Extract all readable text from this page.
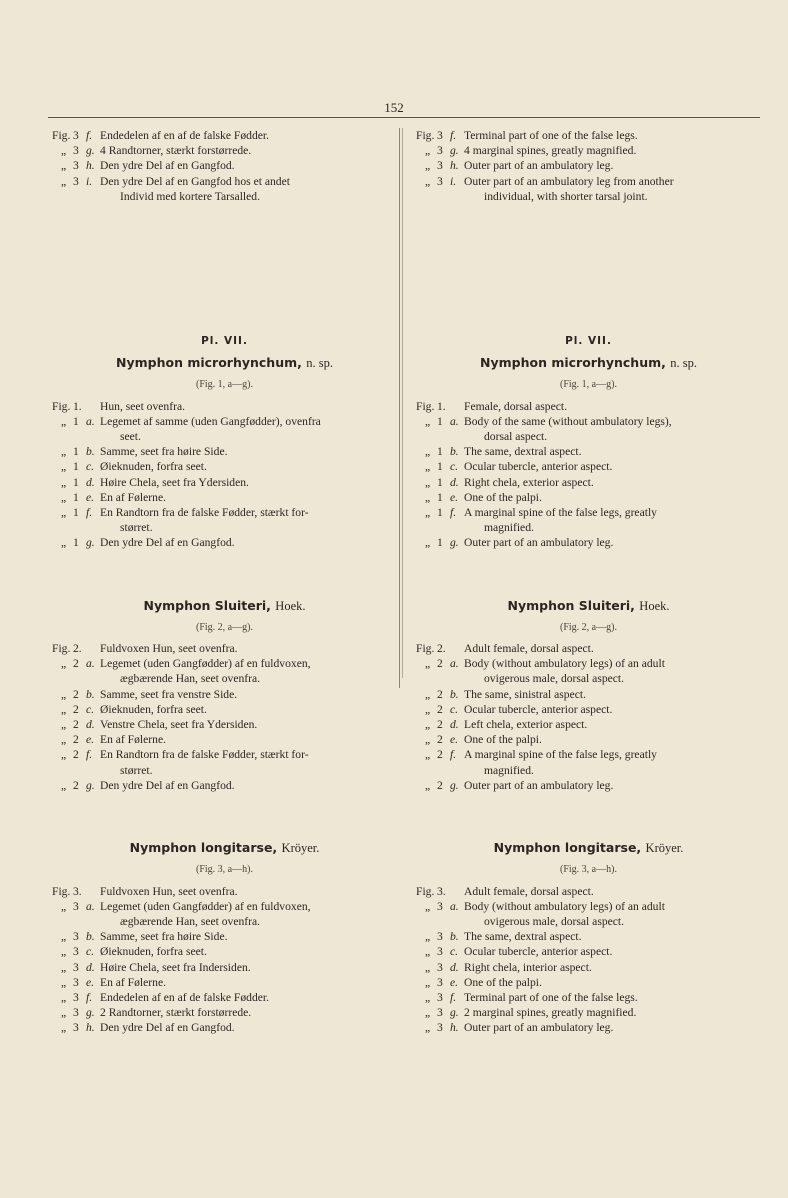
152
Fig. 3 f. Endedelen af en af de falske Fødder.
„ 3 g. 4 Randtorner, stærkt forstørrede.
„ 3 h. Den ydre Del af en Gangfod.
„ 3 i. Den ydre Del af en Gangfod hos et andet
Individ med kortere Tarsalled.
Pl. VII.
Nymphon microrhynchum, n. sp.
(Fig. 1, a—g).
Fig. 1.	Hun, seet ovenfra.
„ 1 a. Legemet af samme (uden Gangfødder), ovenfra
seet.
„ 1 b. Samme, seet fra høire Side.
„ 1 c. Øieknuden, forfra seet.
„ 1 d. Høire Chela, seet fra Ydersiden.
„ 1 e. En af Følerne.
„ 1 f. En Randtorn fra de falske Fødder, stærkt for-
størret.
„ 1 g. Den ydre Del af en Gangfod.
Nymphon Sluiteri, Hoek.
(Fig. 2, a—g).
Fig. 2.	Fuldvoxen Hun, seet ovenfra.
„ 2 a. Legemet (uden Gangfødder) af en fuldvoxen,
ægbærende Han, seet ovenfra.
„ 2 b. Samme, seet fra venstre Side.
„ 2 c. Øieknuden, forfra seet.
„ 2 d. Venstre Chela, seet fra Ydersiden.
„ 2 e. En af Følerne.
„ 2 f. En Randtorn fra de falske Fødder, stærkt for-
størret.
„ 2 g. Den ydre Del af en Gangfod.
Nymphon longitarse, Kröyer.
(Fig. 3, a—h).
Fig. 3.	Fuldvoxen Hun, seet ovenfra.
„ 3 a. Legemet (uden Gangfødder) af en fuldvoxen,
ægbærende Han, seet ovenfra.
„ 3 b. Samme, seet fra høire Side.
„ 3 c. Øieknuden, forfra seet.
„ 3 d. Høire Chela, seet fra Indersiden.
„ 3 e. En af Følerne.
„ 3 f. Endedelen af en af de falske Fødder.
„ 3 g. 2 Randtorner, stærkt forstørrede.
„ 3 h. Den ydre Del af en Gangfod.
Fig. 3 f. Terminal part of one of the false legs.
„ 3 g. 4 marginal spines, greatly magnified.
„ 3 h. Outer part of an ambulatory leg.
„ 3 i. Outer part of an ambulatory leg from another
individual, with shorter tarsal joint.
Pl. VII.
Nymphon microrhynchum, n. sp.
(Fig. 1, a—g).
Fig. 1.	Female, dorsal aspect.
„ 1 a. Body of the same (without ambulatory legs),
dorsal aspect.
„ 1 b. The same, dextral aspect.
„ 1 c. Ocular tubercle, anterior aspect.
„ 1 d. Right chela, exterior aspect.
„ 1 e. One of the palpi.
„ 1 f. A marginal spine of the false legs, greatly
magnified.
„ 1 g. Outer part of an ambulatory leg.
Nymphon Sluiteri, Hoek.
(Fig. 2, a—g).
Fig. 2.	Adult female, dorsal aspect.
„ 2 a. Body (without ambulatory legs) of an adult
ovigerous male, dorsal aspect.
„ 2 b. The same, sinistral aspect.
„ 2 c. Ocular tubercle, anterior aspect.
„ 2 d. Left chela, exterior aspect.
„ 2 e. One of the palpi.
„ 2 f. A marginal spine of the false legs, greatly
magnified.
„ 2 g. Outer part of an ambulatory leg.
Nymphon longitarse, Kröyer.
(Fig. 3, a—h).
Fig. 3.	Adult female, dorsal aspect.
„ 3 a. Body (without ambulatory legs) of an adult
ovigerous male, dorsal aspect.
„ 3 b. The same, dextral aspect.
„ 3 c. Ocular tubercle, anterior aspect.
„ 3 d. Right chela, interior aspect.
„ 3 e. One of the palpi.
„ 3 f. Terminal part of one of the false legs.
„ 3 g. 2 marginal spines, greatly magnified.
„ 3 h. Outer part of an ambulatory leg.
